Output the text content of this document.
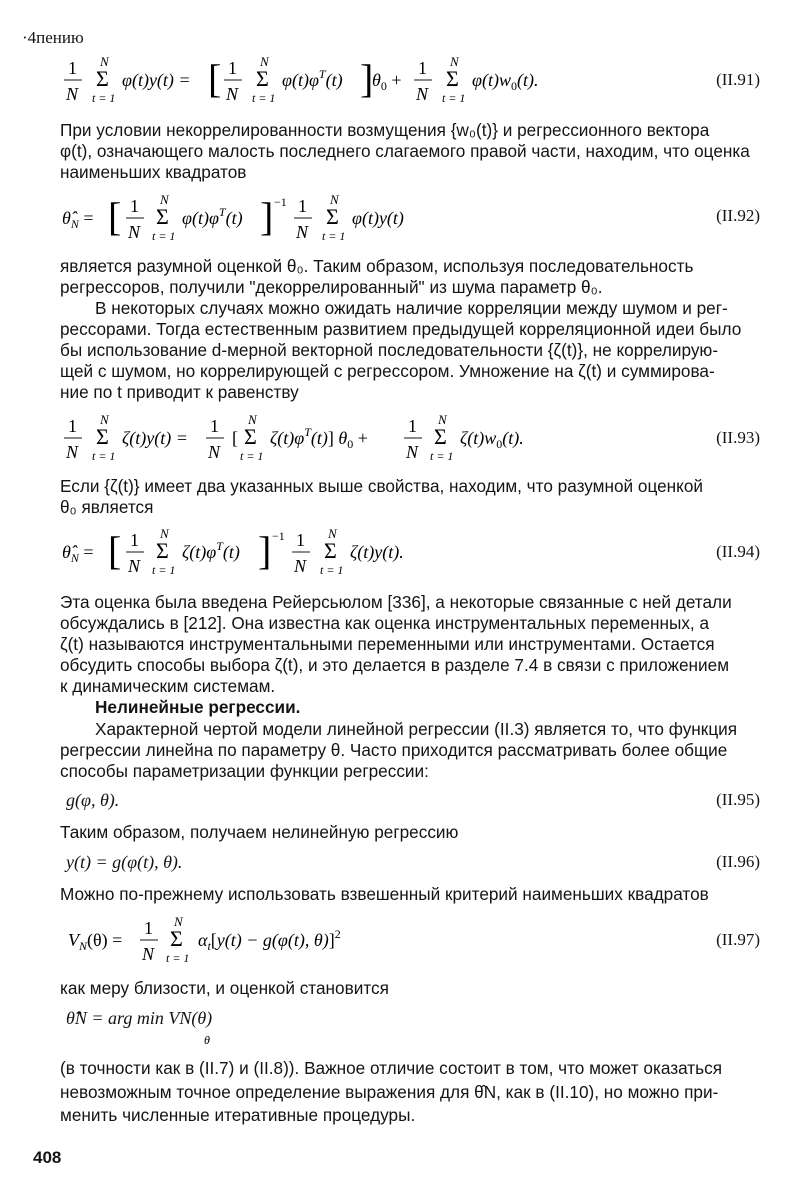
·4пению
1
N
N
Σ
t = 1
φ(t)y(t) = [ 1
N
N
Σ
t = 1
$\varphi(t)\varphi^T(t)$ ]
$\theta_0$ +
1
N
N
Σ
t = 1
$\varphi(t)w_0(t)$.	(II.91)
При условии некоррелированности возмущения {w₀(t)} и регрессионного вектора
φ(t), означающего малость последнего слагаемого правой части, находим, что оценка
наименьших квадратов
$\thetâ_N$ = [ 1
N
N
Σ
t = 1
$\varphi(t)\varphi^T(t)$ ] −1 1
N
N
Σ
t = 1
φ(t)y(t)	(II.92)
является разумной оценкой θ₀. Таким образом, используя последовательность
регрессоров, получили "декоррелированный" из шума параметр θ₀.
В некоторых случаях можно ожидать наличие корреляции между шумом и рег-
рессорами. Тогда естественным развитием предыдущей корреляционной идеи было
бы использование d-мерной векторной последовательности {ζ(t)}, не коррелирую-
щей с шумом, но коррелирующей с регрессором. Умножение на ζ(t) и суммирова-
ние по t приводит к равенству
1
N
N
Σ
t = 1
ζ(t)y(t) =
1
N
[
N
Σ
t = 1
$\zeta(t)\varphi^T(t)$] $\theta_0$ +
1
N
N
Σ
t = 1
$\zeta(t)w_0(t)$.	(II.93)
Если {ζ(t)} имеет два указанных выше свойства, находим, что разумной оценкой
θ₀ является
$\thetâ_N$ = [ 1
N
N
Σ
t = 1
$\zeta(t)\varphi^T(t)$ ] −1 1
N
N
Σ
t = 1
ζ(t)y(t).	(II.94)
Эта оценка была введена Рейерсьюлом [336], а некоторые связанные с ней детали
обсуждались в [212]. Она известна как оценка инструментальных переменных, а
ζ(t) называются инструментальными переменными или инструментами. Остается
обсудить способы выбора ζ(t), и это делается в разделе 7.4 в связи с приложением
к динамическим системам.
Нелинейные регрессии.
Характерной чертой модели линейной регрессии (II.3) является то, что функция
регрессии линейна по параметру θ. Часто приходится рассматривать более общие
способы параметризации функции регрессии:
g(φ, θ).	(II.95)
Таким образом, получаем нелинейную регрессию
y(t) = g(φ(t), θ).	(II.96)
Можно по-прежнему использовать взвешенный критерий наименьших квадратов
$V_N(\theta)$ =
1
N
N
Σ
t = 1
$\alpha_t[y(t) - g(\varphi(t)$, θ)]$^2$	(II.97)
как меру близости, и оценкой становится
θ̂N = arg min VN(θ)
θ
(в точности как в (II.7) и (II.8)). Важное отличие состоит в том, что может оказаться
невозможным точное определение выражения для θ̂N, как в (II.10), но можно при-
менить численные итеративные процедуры.
408
